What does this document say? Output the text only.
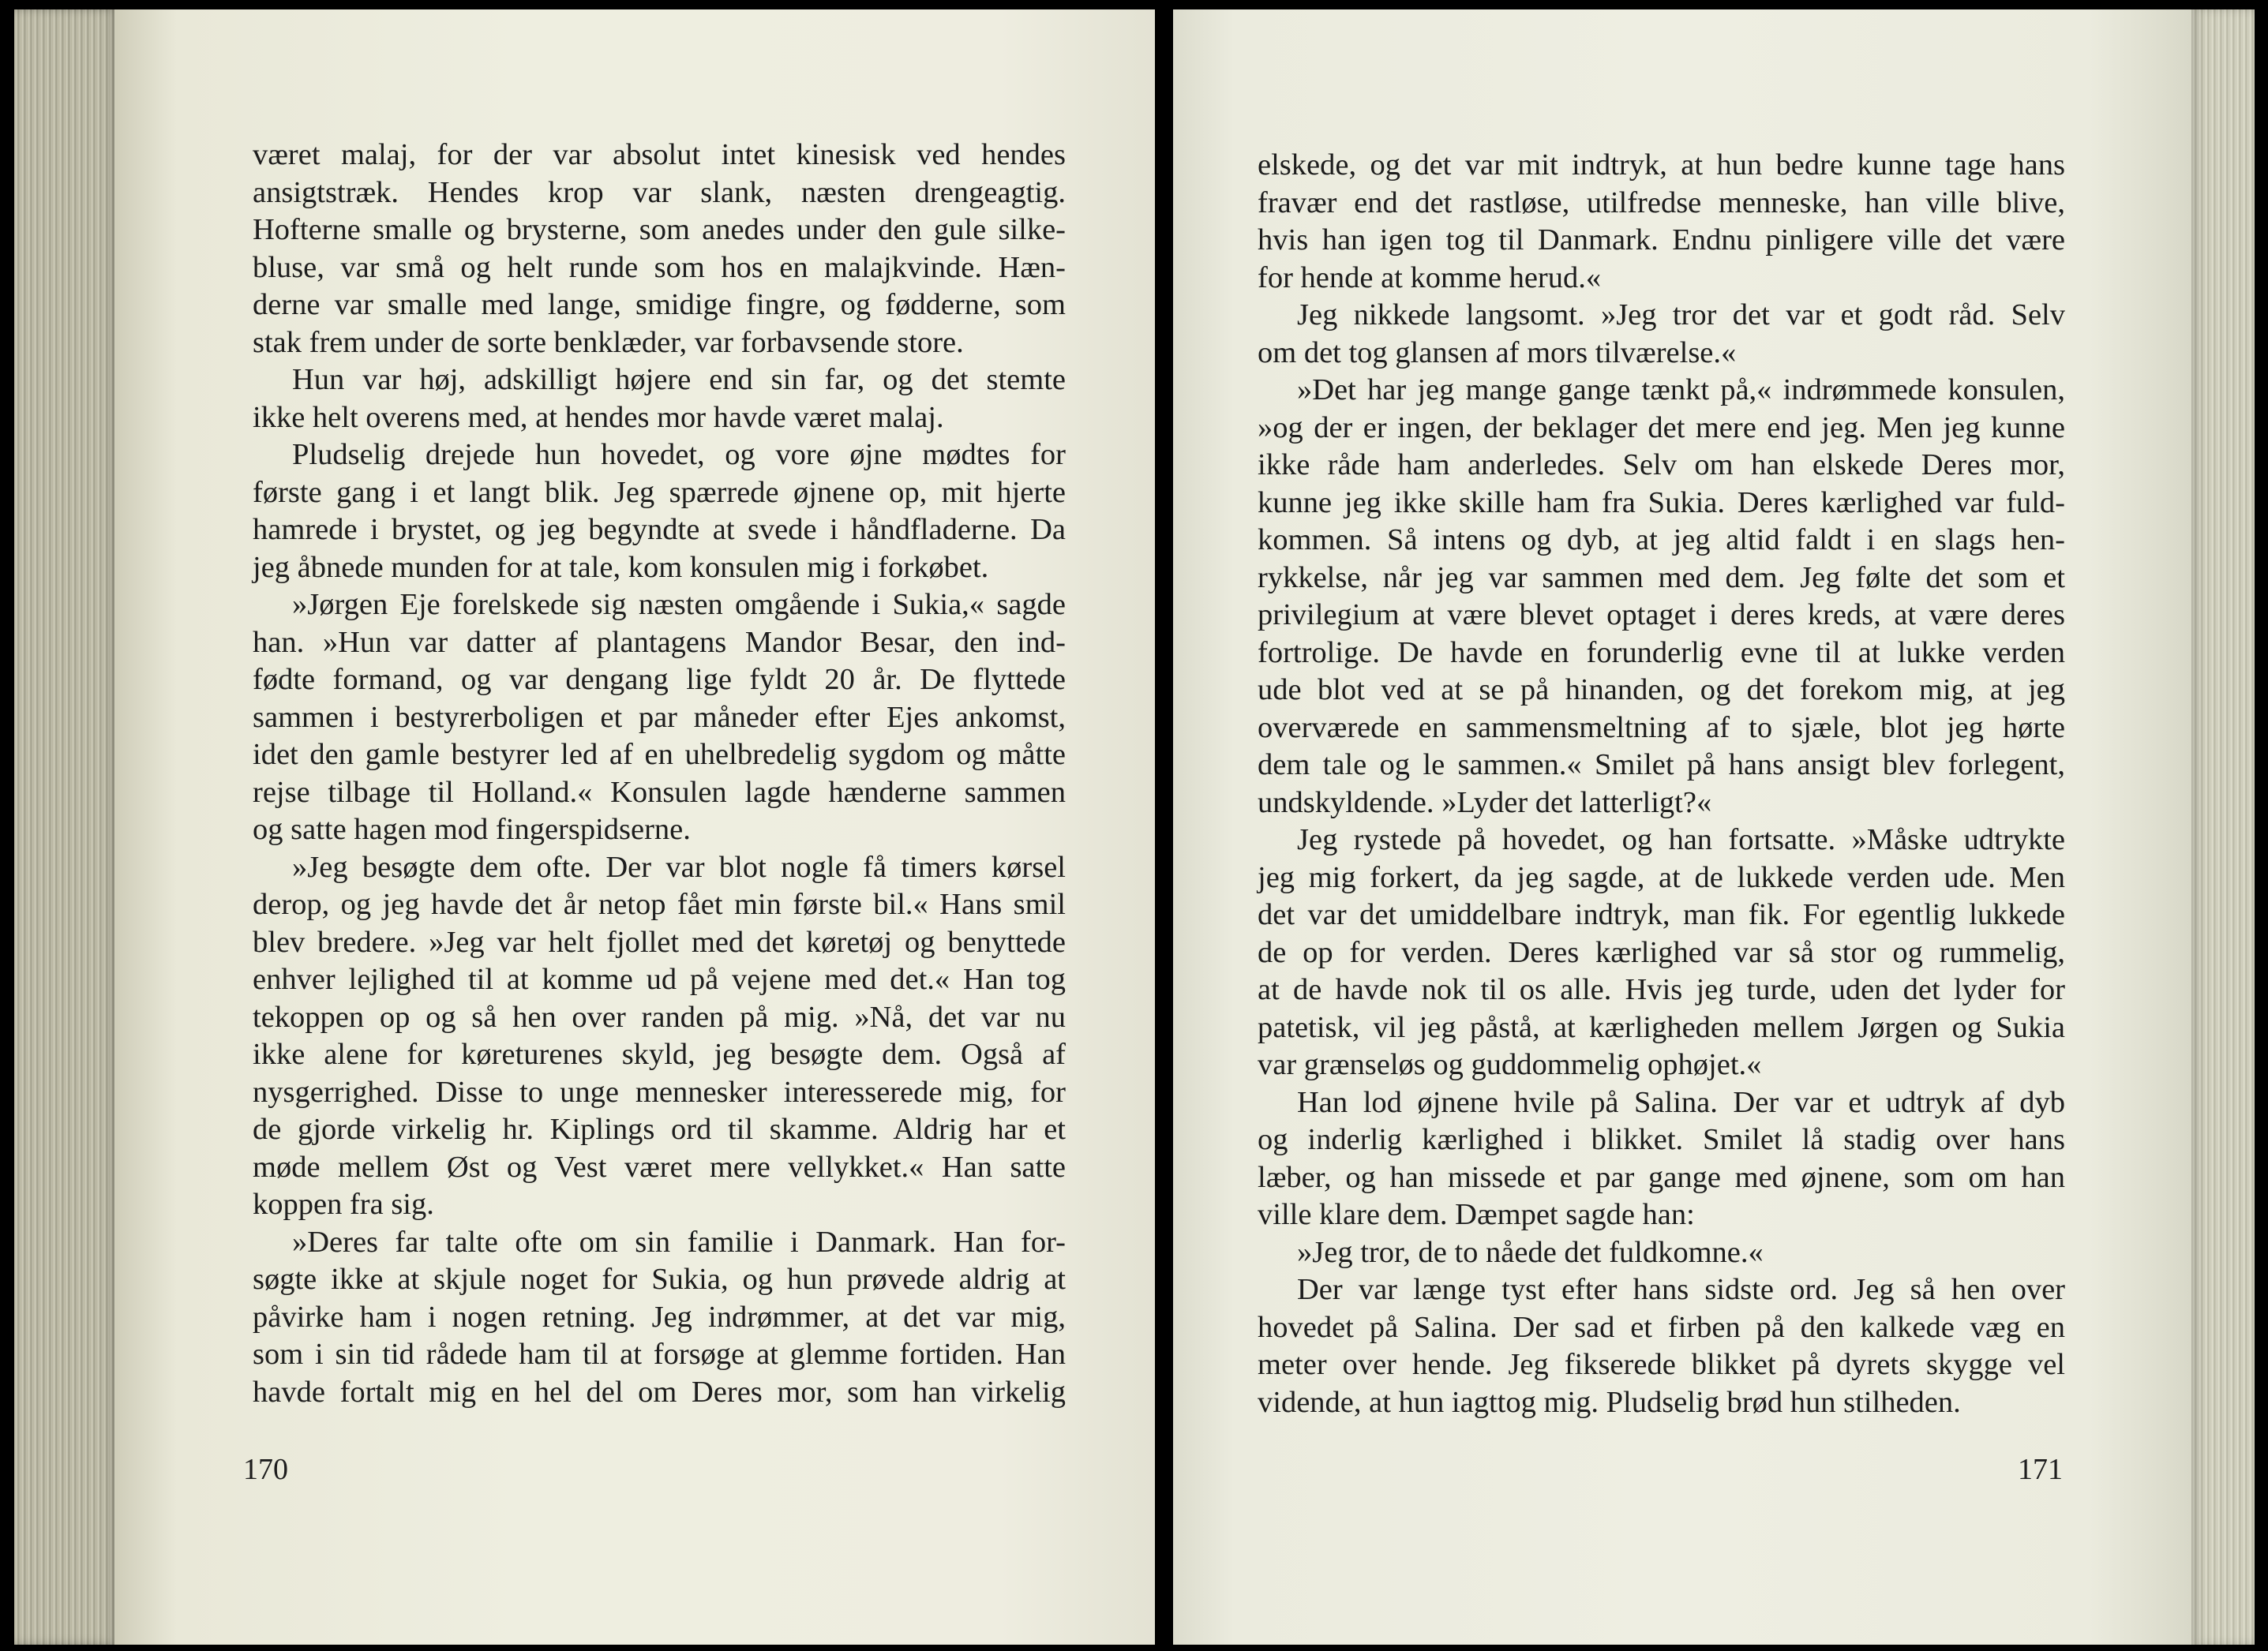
været malaj, for der var absolut intet kinesisk ved hendes
ansigtstræk. Hendes krop var slank, næsten drengeagtig.
Hofterne smalle og brysterne, som anedes under den gule silke-
bluse, var små og helt runde som hos en malajkvinde. Hæn-
derne var smalle med lange, smidige fingre, og fødderne, som
stak frem under de sorte benklæder, var forbavsende store.
Hun var høj, adskilligt højere end sin far, og det stemte
ikke helt overens med, at hendes mor havde været malaj.
Pludselig drejede hun hovedet, og vore øjne mødtes for
første gang i et langt blik. Jeg spærrede øjnene op, mit hjerte
hamrede i brystet, og jeg begyndte at svede i håndfladerne. Da
jeg åbnede munden for at tale, kom konsulen mig i forkøbet.
»Jørgen Eje forelskede sig næsten omgående i Sukia,« sagde
han. »Hun var datter af plantagens Mandor Besar, den ind-
fødte formand, og var dengang lige fyldt 20 år. De flyttede
sammen i bestyrerboligen et par måneder efter Ejes ankomst,
idet den gamle bestyrer led af en uhelbredelig sygdom og måtte
rejse tilbage til Holland.« Konsulen lagde hænderne sammen
og satte hagen mod fingerspidserne.
»Jeg besøgte dem ofte. Der var blot nogle få timers kørsel
derop, og jeg havde det år netop fået min første bil.« Hans smil
blev bredere. »Jeg var helt fjollet med det køretøj og benyttede
enhver lejlighed til at komme ud på vejene med det.« Han tog
tekoppen op og så hen over randen på mig. »Nå, det var nu
ikke alene for køreturenes skyld, jeg besøgte dem. Også af
nysgerrighed. Disse to unge mennesker interesserede mig, for
de gjorde virkelig hr. Kiplings ord til skamme. Aldrig har et
møde mellem Øst og Vest været mere vellykket.« Han satte
koppen fra sig.
»Deres far talte ofte om sin familie i Danmark. Han for-
søgte ikke at skjule noget for Sukia, og hun prøvede aldrig at
påvirke ham i nogen retning. Jeg indrømmer, at det var mig,
som i sin tid rådede ham til at forsøge at glemme fortiden. Han
havde fortalt mig en hel del om Deres mor, som han virkelig
170
elskede, og det var mit indtryk, at hun bedre kunne tage hans
fravær end det rastløse, utilfredse menneske, han ville blive,
hvis han igen tog til Danmark. Endnu pinligere ville det være
for hende at komme herud.«
Jeg nikkede langsomt. »Jeg tror det var et godt råd. Selv
om det tog glansen af mors tilværelse.«
»Det har jeg mange gange tænkt på,« indrømmede konsulen,
»og der er ingen, der beklager det mere end jeg. Men jeg kunne
ikke råde ham anderledes. Selv om han elskede Deres mor,
kunne jeg ikke skille ham fra Sukia. Deres kærlighed var fuld-
kommen. Så intens og dyb, at jeg altid faldt i en slags hen-
rykkelse, når jeg var sammen med dem. Jeg følte det som et
privilegium at være blevet optaget i deres kreds, at være deres
fortrolige. De havde en forunderlig evne til at lukke verden
ude blot ved at se på hinanden, og det forekom mig, at jeg
overværede en sammensmeltning af to sjæle, blot jeg hørte
dem tale og le sammen.« Smilet på hans ansigt blev forlegent,
undskyldende. »Lyder det latterligt?«
Jeg rystede på hovedet, og han fortsatte. »Måske udtrykte
jeg mig forkert, da jeg sagde, at de lukkede verden ude. Men
det var det umiddelbare indtryk, man fik. For egentlig lukkede
de op for verden. Deres kærlighed var så stor og rummelig,
at de havde nok til os alle. Hvis jeg turde, uden det lyder for
patetisk, vil jeg påstå, at kærligheden mellem Jørgen og Sukia
var grænseløs og guddommelig ophøjet.«
Han lod øjnene hvile på Salina. Der var et udtryk af dyb
og inderlig kærlighed i blikket. Smilet lå stadig over hans
læber, og han missede et par gange med øjnene, som om han
ville klare dem. Dæmpet sagde han:
»Jeg tror, de to nåede det fuldkomne.«
Der var længe tyst efter hans sidste ord. Jeg så hen over
hovedet på Salina. Der sad et firben på den kalkede væg en
meter over hende. Jeg fikserede blikket på dyrets skygge vel
vidende, at hun iagttog mig. Pludselig brød hun stilheden.
171
